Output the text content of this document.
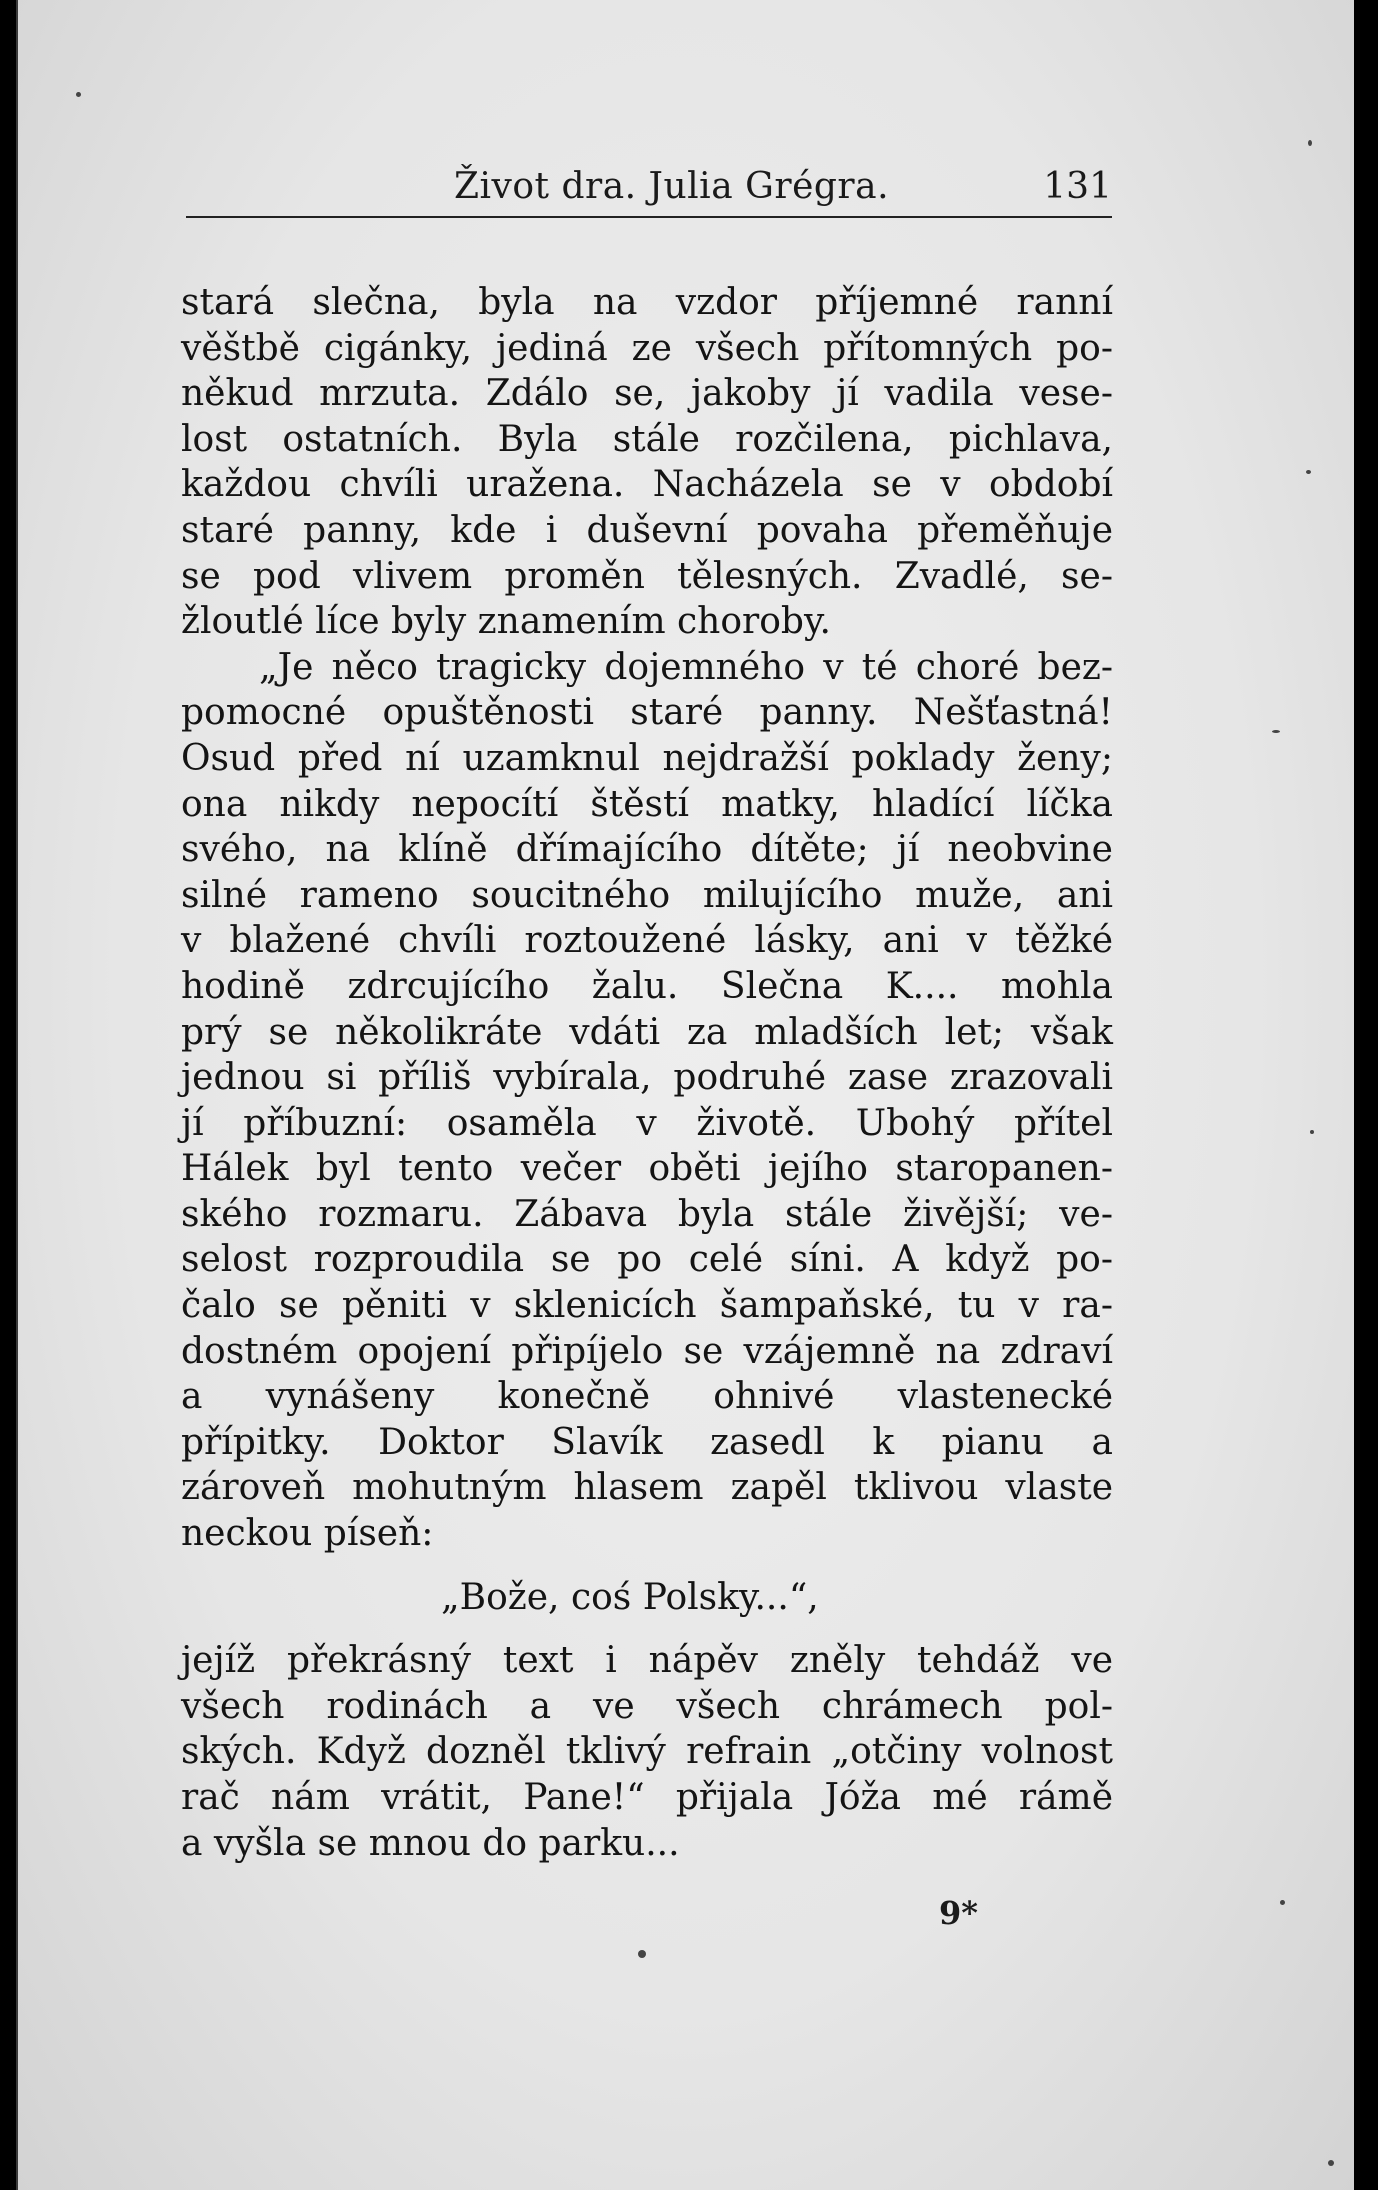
Život dra. Julia Grégra.	131
stará slečna, byla na vzdor příjemné ranní
věštbě cigánky, jediná ze všech přítomných po-
někud mrzuta. Zdálo se, jakoby jí vadila vese-
lost ostatních. Byla stále rozčilena, pichlava,
každou chvíli uražena. Nacházela se v období
staré panny, kde i duševní povaha přeměňuje
se pod vlivem proměn tělesných. Zvadlé, se-
žloutlé líce byly znamením choroby.
„Je něco tragicky dojemného v té choré bez-
pomocné opuštěnosti staré panny. Nešťastná!
Osud před ní uzamknul nejdražší poklady ženy;
ona nikdy nepocítí štěstí matky, hladící líčka
svého, na klíně dřímajícího dítěte; jí neobvine
silné rameno soucitného milujícího muže, ani
v blažené chvíli roztoužené lásky, ani v těžké
hodině zdrcujícího žalu. Slečna K.... mohla
prý se několikráte vdáti za mladších let; však
jednou si příliš vybírala, podruhé zase zrazovali
jí příbuzní: osaměla v životě. Ubohý přítel
Hálek byl tento večer oběti jejího staropanen-
ského rozmaru. Zábava byla stále živější; ve-
selost rozproudila se po celé síni. A když po-
čalo se pěniti v sklenicích šampaňské, tu v ra-
dostném opojení připíjelo se vzájemně na zdraví
a vynášeny konečně ohnivé vlastenecké
přípitky. Doktor Slavík zasedl k pianu a
zároveň mohutným hlasem zapěl tklivou vlaste
neckou píseň:
„Bože, coś Polsky...“,
jejíž překrásný text i nápěv zněly tehdáž ve
všech rodinách a ve všech chrámech pol-
ských. Když dozněl tklivý refrain „otčiny volnost
rač nám vrátit, Pane!“ přijala Jóža mé rámě
a vyšla se mnou do parku...
9*
